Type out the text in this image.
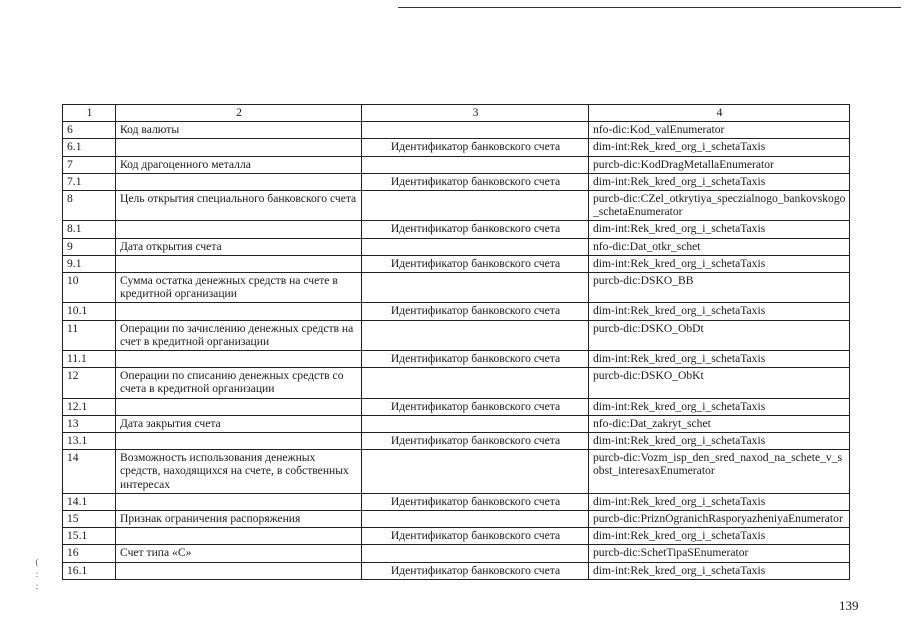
1	2	3	4
6	Код валюты		nfo-dic:Kod_valEnumerator
6.1		Идентификатор банковского счета	dim-int:Rek_kred_org_i_schetaTaxis
7	Код драгоценного металла		purcb-dic:KodDragMetallaEnumerator
7.1		Идентификатор банковского счета	dim-int:Rek_kred_org_i_schetaTaxis
8	Цель открытия специального банковского счета		purcb-dic:CZel_otkrytiya_speczialnogo_bankovskogo_schetaEnumerator
8.1		Идентификатор банковского счета	dim-int:Rek_kred_org_i_schetaTaxis
9	Дата открытия счета		nfo-dic:Dat_otkr_schet
9.1		Идентификатор банковского счета	dim-int:Rek_kred_org_i_schetaTaxis
10	Сумма остатка денежных средств на счете в кредитной организации		purcb-dic:DSKO_BB
10.1		Идентификатор банковского счета	dim-int:Rek_kred_org_i_schetaTaxis
11	Операции по зачислению денежных средств на счет в кредитной организации		purcb-dic:DSKO_ObDt
11.1		Идентификатор банковского счета	dim-int:Rek_kred_org_i_schetaTaxis
12	Операции по списанию денежных средств со счета в кредитной организации		purcb-dic:DSKO_ObKt
12.1		Идентификатор банковского счета	dim-int:Rek_kred_org_i_schetaTaxis
13	Дата закрытия счета		nfo-dic:Dat_zakryt_schet
13.1		Идентификатор банковского счета	dim-int:Rek_kred_org_i_schetaTaxis
14	Возможность использования денежных средств, находящихся на счете, в собственных интересах		purcb-dic:Vozm_isp_den_sred_naxod_na_schete_v_sobst_interesaxEnumerator
14.1		Идентификатор банковского счета	dim-int:Rek_kred_org_i_schetaTaxis
15	Признак ограничения распоряжения		purcb-dic:PriznOgranichRasporyazheniyaEnumerator
15.1		Идентификатор банковского счета	dim-int:Rek_kred_org_i_schetaTaxis
16	Счет типа «С»		purcb-dic:SchetTipaSEnumerator
16.1		Идентификатор банковского счета	dim-int:Rek_kred_org_i_schetaTaxis
(
:
:
139
